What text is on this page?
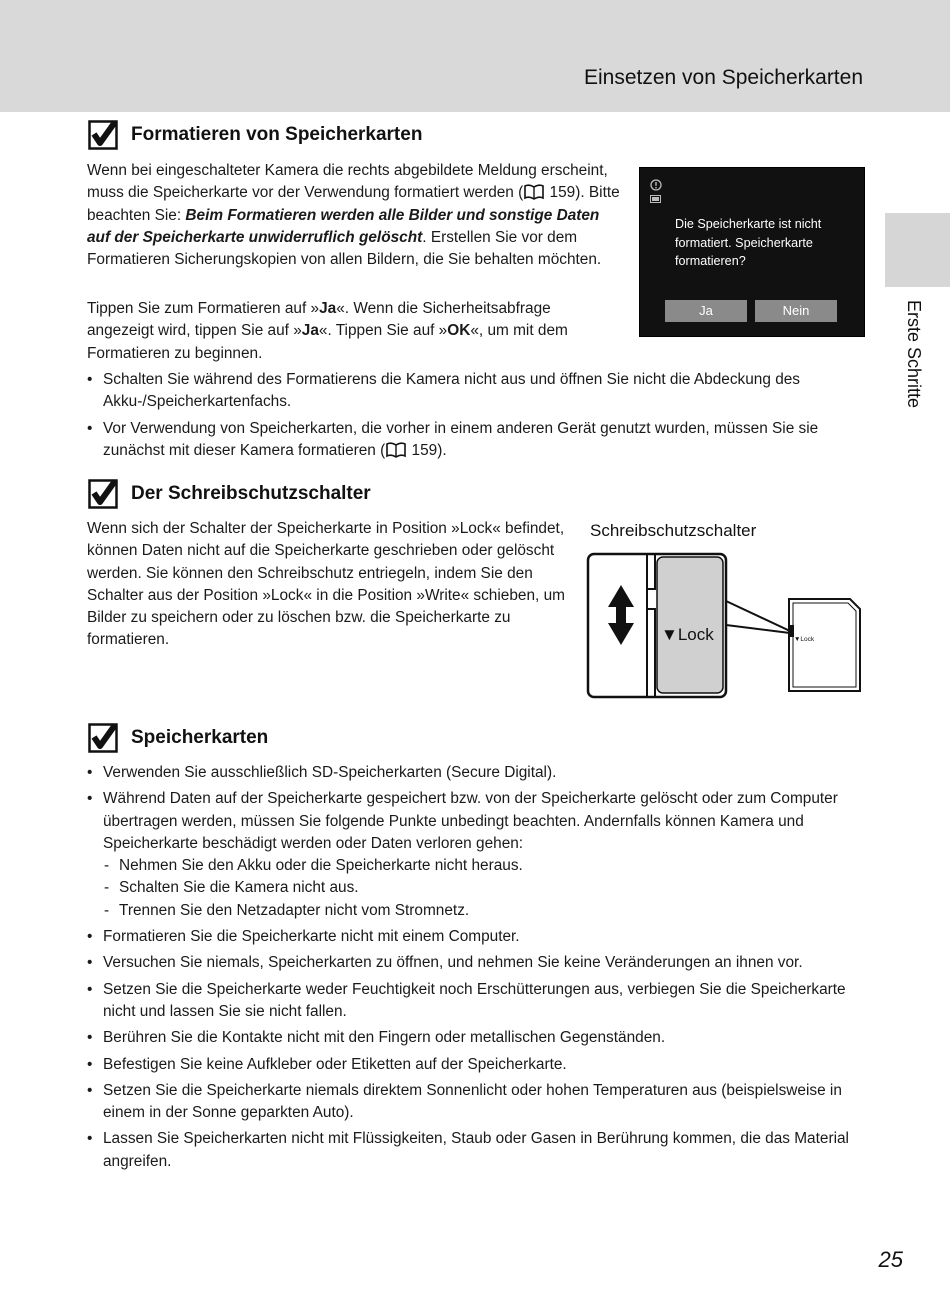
Einsetzen von Speicherkarten
Erste Schritte
Formatieren von Speicherkarten

Wenn bei eingeschalteter Kamera die rechts abgebildete Meldung erscheint, muss die Speicherkarte vor der Verwendung formatiert werden ( 159). Bitte beachten Sie: Beim Formatieren werden alle Bilder und sonstige Daten auf der Speicherkarte unwiderruflich gelöscht. Erstellen Sie vor dem Formatieren Sicherungskopien von allen Bildern, die Sie behalten möchten.

Tippen Sie zum Formatieren auf »Ja«. Wenn die Sicherheitsabfrage angezeigt wird, tippen Sie auf »Ja«. Tippen Sie auf »OK«, um mit dem Formatieren zu beginnen.

Die Speicherkarte ist nicht formatiert. Speicherkarte formatieren?
Ja	Nein
• Schalten Sie während des Formatierens die Kamera nicht aus und öffnen Sie nicht die Abdeckung des Akku-/Speicherkartenfachs.
• Vor Verwendung von Speicherkarten, die vorher in einem anderen Gerät genutzt wurden, müssen Sie sie zunächst mit dieser Kamera formatieren ( 159).
Der Schreibschutzschalter

Wenn sich der Schalter der Speicherkarte in Position »Lock« befindet, können Daten nicht auf die Speicherkarte geschrieben oder gelöscht werden. Sie können den Schreibschutz entriegeln, indem Sie den Schalter aus der Position »Lock« in die Position »Write« schieben, um Bilder zu speichern oder zu löschen bzw. die Speicherkarte zu formatieren.

Schreibschutzschalter
▼Lock	▼Lock
Speicherkarten
• Verwenden Sie ausschließlich SD-Speicherkarten (Secure Digital).
• Während Daten auf der Speicherkarte gespeichert bzw. von der Speicherkarte gelöscht oder zum Computer übertragen werden, müssen Sie folgende Punkte unbedingt beachten. Andernfalls können Kamera und Speicherkarte beschädigt werden oder Daten verloren gehen:
- Nehmen Sie den Akku oder die Speicherkarte nicht heraus.
- Schalten Sie die Kamera nicht aus.
- Trennen Sie den Netzadapter nicht vom Stromnetz.
• Formatieren Sie die Speicherkarte nicht mit einem Computer.
• Versuchen Sie niemals, Speicherkarten zu öffnen, und nehmen Sie keine Veränderungen an ihnen vor.
• Setzen Sie die Speicherkarte weder Feuchtigkeit noch Erschütterungen aus, verbiegen Sie die Speicherkarte nicht und lassen Sie sie nicht fallen.
• Berühren Sie die Kontakte nicht mit den Fingern oder metallischen Gegenständen.
• Befestigen Sie keine Aufkleber oder Etiketten auf der Speicherkarte.
• Setzen Sie die Speicherkarte niemals direktem Sonnenlicht oder hohen Temperaturen aus (beispielsweise in einem in der Sonne geparkten Auto).
• Lassen Sie Speicherkarten nicht mit Flüssigkeiten, Staub oder Gasen in Berührung kommen, die das Material angreifen.
25
